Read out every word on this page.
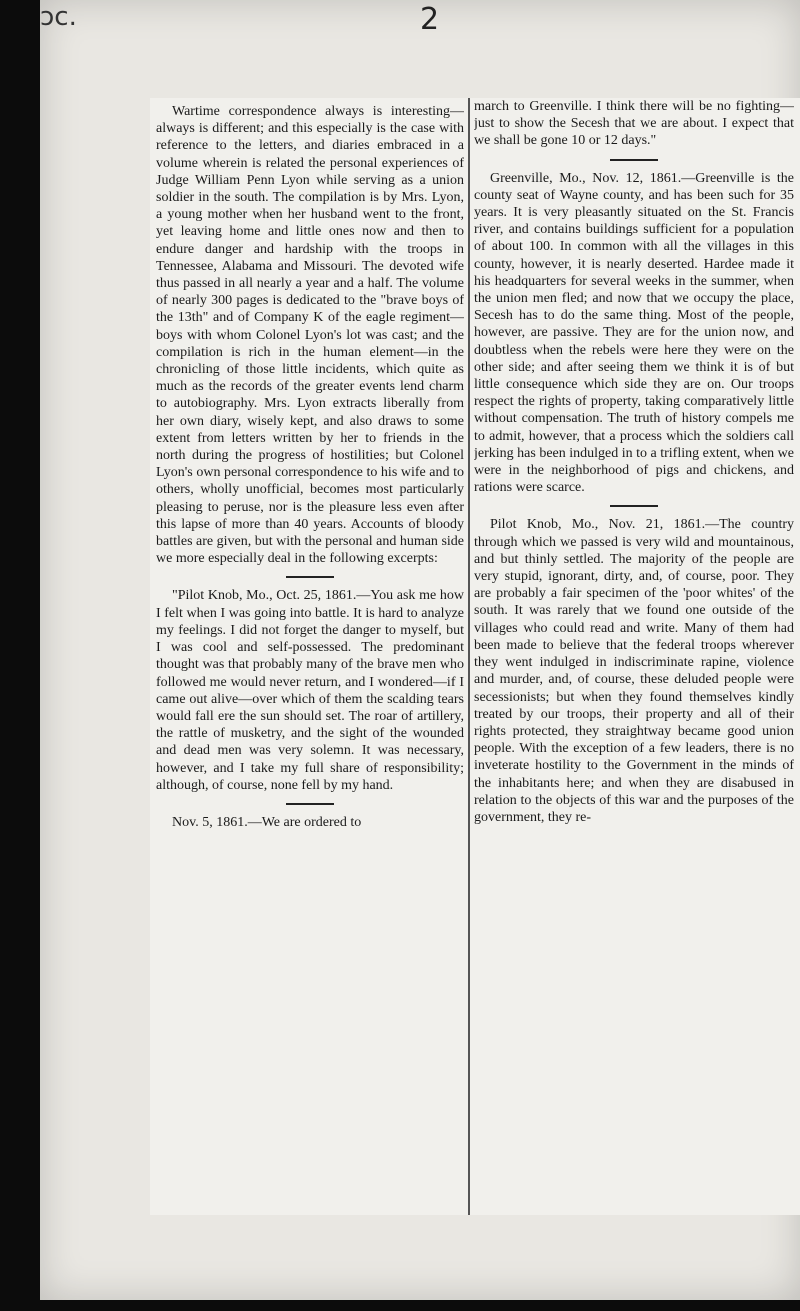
ɔc.	2

Wartime correspondence always is interesting—always is different; and this especially is the case with reference to the letters, and diaries embraced in a volume wherein is related the personal experiences of Judge William Penn Lyon while serving as a union soldier in the south. The compilation is by Mrs. Lyon, a young mother when her husband went to the front, yet leaving home and little ones now and then to endure danger and hardship with the troops in Tennessee, Alabama and Missouri. The devoted wife thus passed in all nearly a year and a half. The volume of nearly 300 pages is dedicated to the "brave boys of the 13th" and of Company K of the eagle regiment—boys with whom Colonel Lyon's lot was cast; and the compilation is rich in the human element—in the chronicling of those little incidents, which quite as much as the records of the greater events lend charm to autobiography. Mrs. Lyon extracts liberally from her own diary, wisely kept, and also draws to some extent from letters written by her to friends in the north during the progress of hostilities; but Colonel Lyon's own personal correspondence to his wife and to others, wholly unofficial, becomes most particularly pleasing to peruse, nor is the pleasure less even after this lapse of more than 40 years. Accounts of bloody battles are given, but with the personal and human side we more especially deal in the following excerpts:

"Pilot Knob, Mo., Oct. 25, 1861.—You ask me how I felt when I was going into battle. It is hard to analyze my feelings. I did not forget the danger to myself, but I was cool and self-possessed. The predominant thought was that probably many of the brave men who followed me would never return, and I wondered—if I came out alive—over which of them the scalding tears would fall ere the sun should set. The roar of artillery, the rattle of musketry, and the sight of the wounded and dead men was very solemn. It was necessary, however, and I take my full share of responsibility; although, of course, none fell by my hand.

Nov. 5, 1861.—We are ordered to

march to Greenville. I think there will be no fighting—just to show the Secesh that we are about. I expect that we shall be gone 10 or 12 days."

Greenville, Mo., Nov. 12, 1861.—Greenville is the county seat of Wayne county, and has been such for 35 years. It is very pleasantly situated on the St. Francis river, and contains buildings sufficient for a population of about 100. In common with all the villages in this county, however, it is nearly deserted. Hardee made it his headquarters for several weeks in the summer, when the union men fled; and now that we occupy the place, Secesh has to do the same thing. Most of the people, however, are passive. They are for the union now, and doubtless when the rebels were here they were on the other side; and after seeing them we think it is of but little consequence which side they are on. Our troops respect the rights of property, taking comparatively little without compensation. The truth of history compels me to admit, however, that a process which the soldiers call jerking has been indulged in to a trifling extent, when we were in the neighborhood of pigs and chickens, and rations were scarce.

Pilot Knob, Mo., Nov. 21, 1861.—The country through which we passed is very wild and mountainous, and but thinly settled. The majority of the people are very stupid, ignorant, dirty, and, of course, poor. They are probably a fair specimen of the 'poor whites' of the south. It was rarely that we found one outside of the villages who could read and write. Many of them had been made to believe that the federal troops wherever they went indulged in indiscriminate rapine, violence and murder, and, of course, these deluded people were secessionists; but when they found themselves kindly treated by our troops, their property and all of their rights protected, they straightway became good union people. With the exception of a few leaders, there is no inveterate hostility to the Government in the minds of the inhabitants here; and when they are disabused in relation to the objects of this war and the purposes of the government, they re-
